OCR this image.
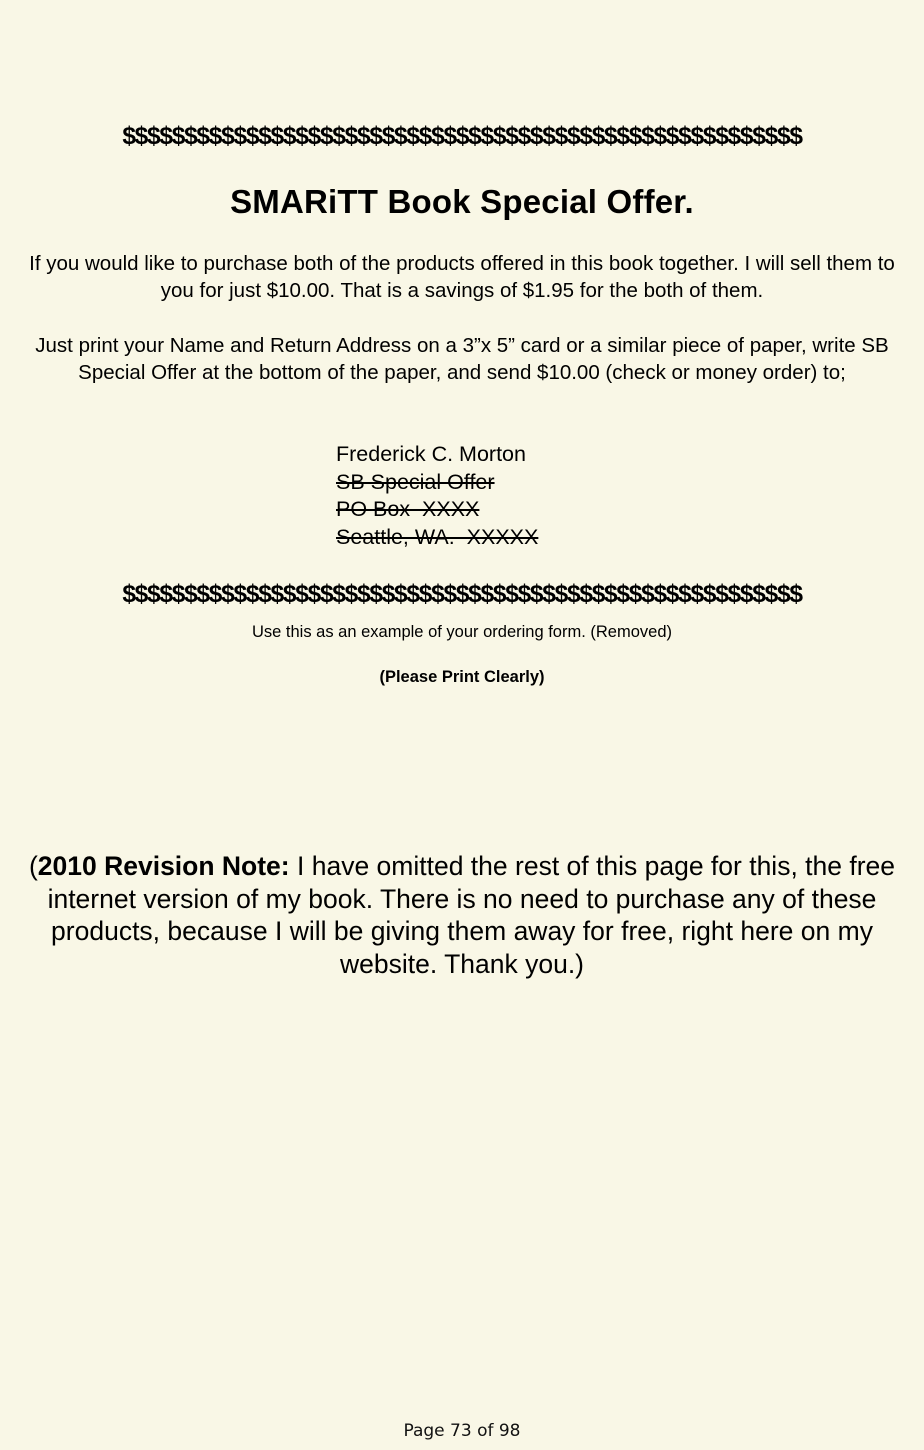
$$$$$$$$$$$$$$$$$$$$$$$$$$$$$$$$$$$$$$$$$$$$$$$$$$$$$$$
SMARiTT Book Special Offer.
If you would like to purchase both of the products offered in this book together. I will sell them to you for just $10.00. That is a savings of $1.95 for the both of them.
Just print your Name and Return Address on a 3”x 5” card or a similar piece of paper, write SB Special Offer at the bottom of the paper, and send $10.00 (check or money order) to;
Frederick C. Morton
SB Special Offer
PO Box  XXXX
Seattle, WA.  XXXXX
$$$$$$$$$$$$$$$$$$$$$$$$$$$$$$$$$$$$$$$$$$$$$$$$$$$$$$$
Use this as an example of your ordering form. (Removed)
(Please Print Clearly)
(2010 Revision Note: I have omitted the rest of this page for this, the free internet version of my book. There is no need to purchase any of these products, because I will be giving them away for free, right here on my website. Thank you.)
Page 73 of 98
